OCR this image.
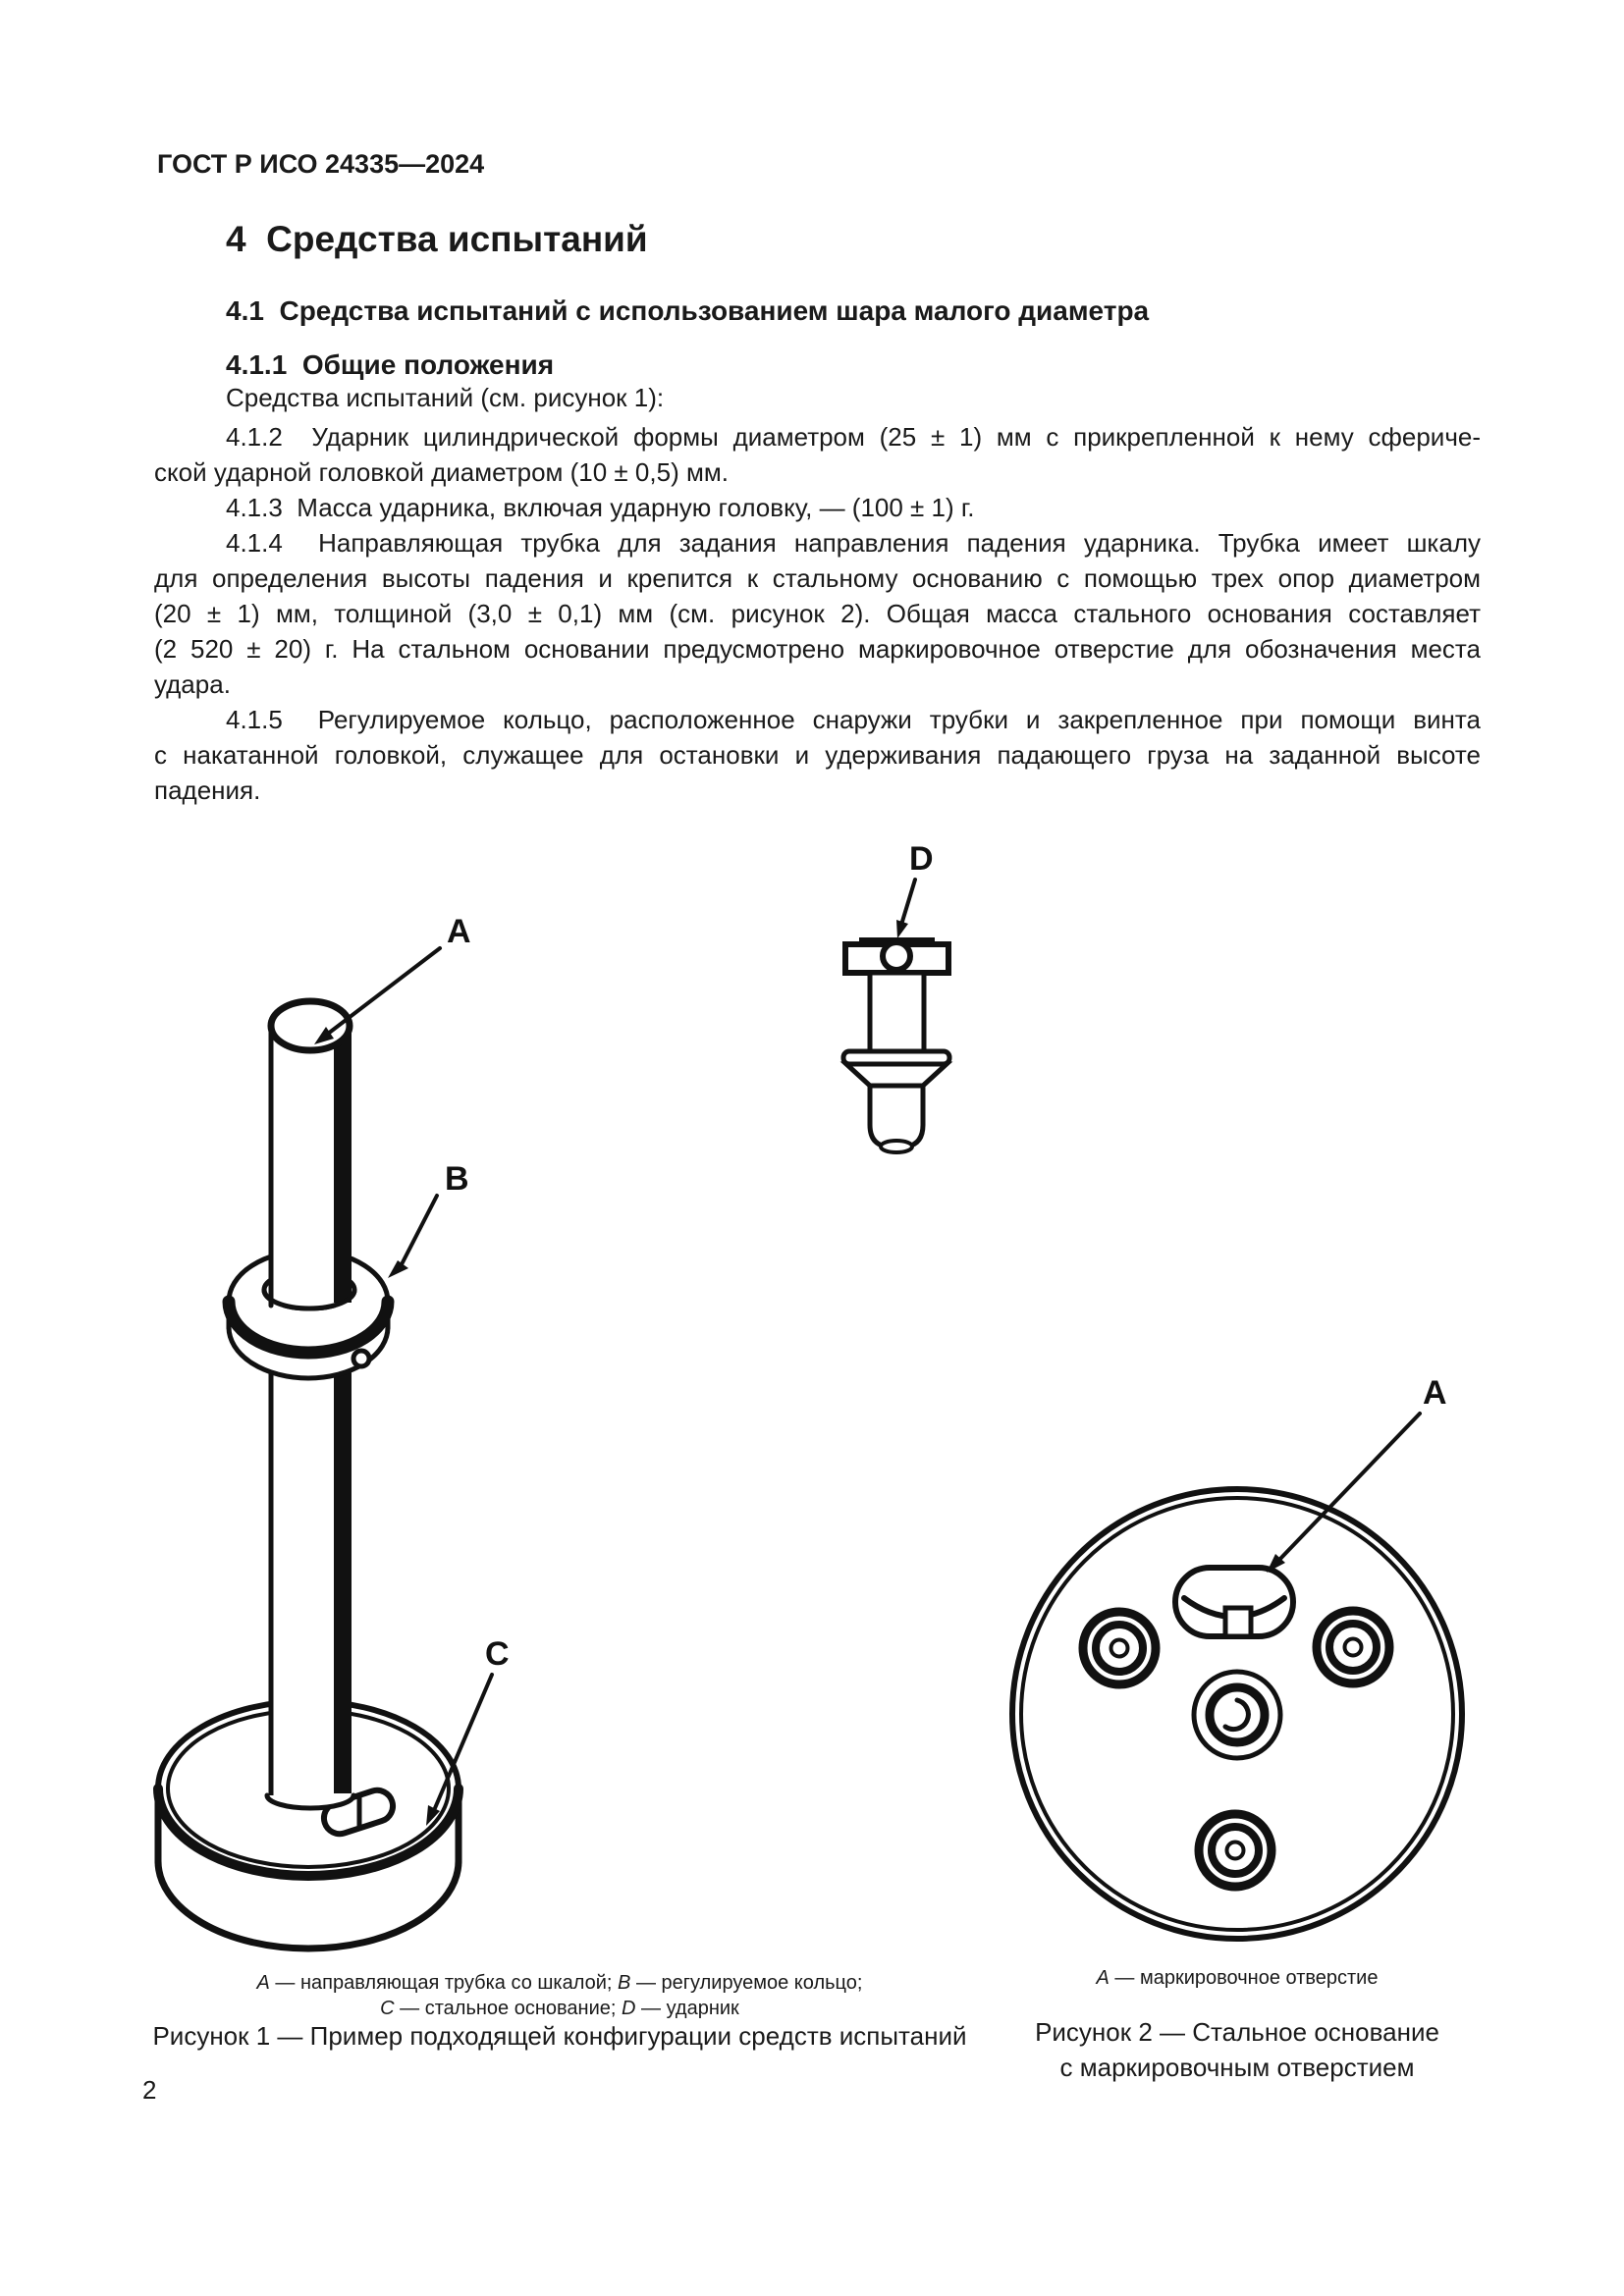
ГОСТ Р ИСО 24335—2024
4  Средства испытаний
4.1  Средства испытаний с использованием шара малого диаметра
4.1.1  Общие положения
Средства испытаний (см. рисунок 1):
4.1.2  Ударник цилиндрической формы диаметром (25 ± 1) мм с прикрепленной к нему сфериче-
ской ударной головкой диаметром (10 ± 0,5) мм.
4.1.3  Масса ударника, включая ударную головку, — (100 ± 1) г.
4.1.4  Направляющая трубка для задания направления падения ударника. Трубка имеет шкалу
для определения высоты падения и крепится к стальному основанию с помощью трех опор диаметром
(20 ± 1) мм, толщиной (3,0 ± 0,1) мм (см. рисунок 2). Общая масса стального основания составляет
(2 520 ± 20) г. На стальном основании предусмотрено маркировочное отверстие для обозначения места
удара.
4.1.5  Регулируемое кольцо, расположенное снаружи трубки и закрепленное при помощи винта
с накатанной головкой, служащее для остановки и удерживания падающего груза на заданной высоте
падения.
A
B
C
D
A
A — направляющая трубка со шкалой; B — регулируемое кольцо;
C — стальное основание; D — ударник
Рисунок 1 — Пример подходящей конфигурации средств испытаний
A — маркировочное отверстие
Рисунок 2 — Стальное основание
с маркировочным отверстием
2
